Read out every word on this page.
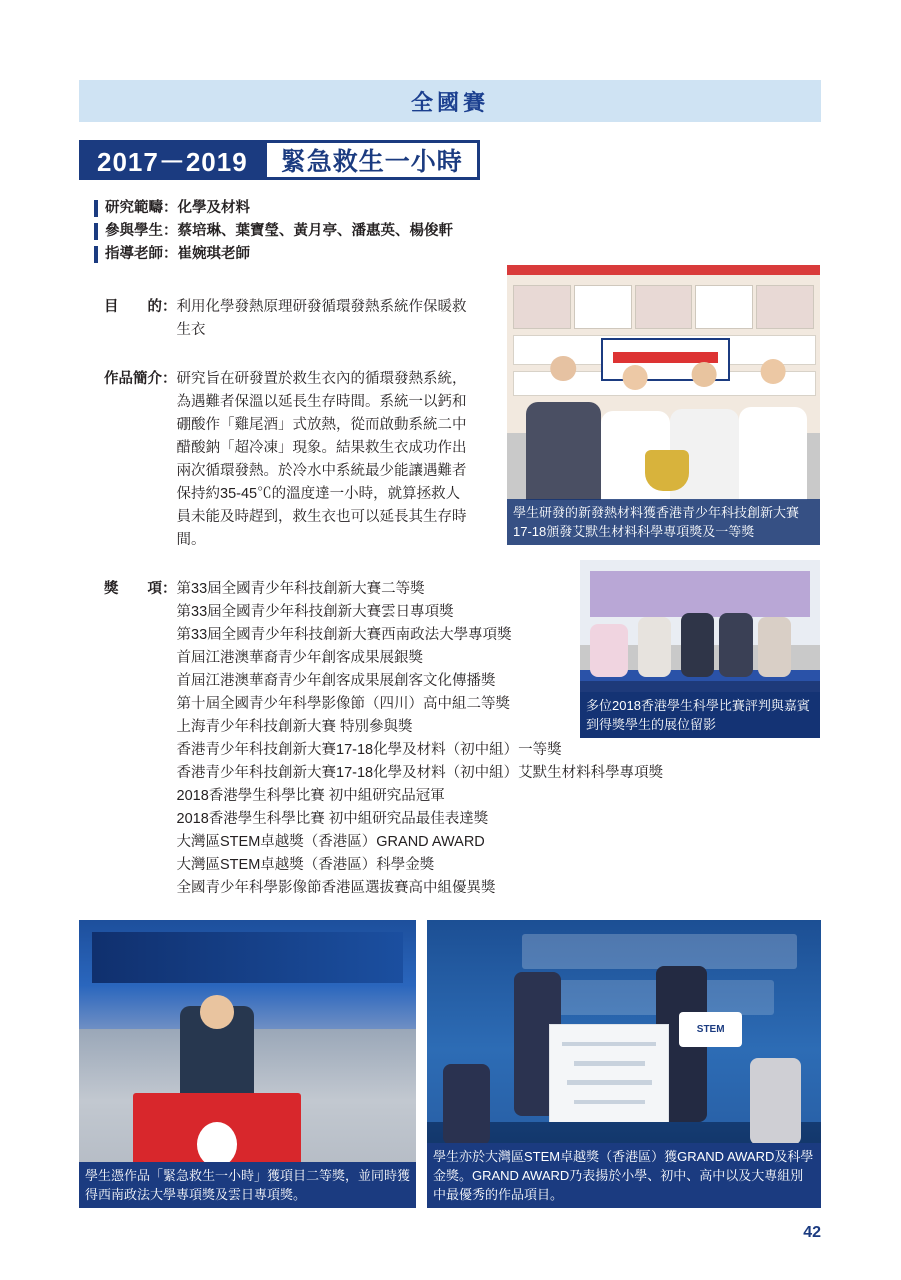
全國賽
2017－2019	緊急救生一小時
研究範疇：化學及材料
參與學生：蔡培琳、葉寶瑩、黃月亭、潘惠英、楊俊軒
指導老師：崔婉琪老師
目　　的： 利用化學發熱原理研發循環發熱系統作保暖救生衣
作品簡介： 研究旨在研發置於救生衣內的循環發熱系統，為遇難者保溫以延長生存時間。系統一以鈣和硼酸作「雞尾酒」式放熱，從而啟動系統二中醋酸鈉「超冷凍」現象。結果救生衣成功作出兩次循環發熱。於冷水中系統最少能讓遇難者保持約35-45℃的溫度達一小時，就算拯救人員未能及時趕到，救生衣也可以延長其生存時間。
獎　　項： 第33屆全國青少年科技創新大賽二等獎
第33屆全國青少年科技創新大賽雲日專項獎
第33屆全國青少年科技創新大賽西南政法大學專項獎
首屆江港澳華裔青少年創客成果展銀獎
首屆江港澳華裔青少年創客成果展創客文化傳播獎
第十屆全國青少年科學影像節（四川）高中組二等獎
上海青少年科技創新大賽 特別參與獎
香港青少年科技創新大賽17-18化學及材料（初中組）一等獎
香港青少年科技創新大賽17-18化學及材料（初中組）艾默生材料科學專項獎
2018香港學生科學比賽 初中組研究品冠軍
2018香港學生科學比賽 初中組研究品最佳表達獎
大灣區STEM卓越獎（香港區）GRAND AWARD
大灣區STEM卓越獎（香港區）科學金獎
全國青少年科學影像節香港區選拔賽高中組優異獎
學生研發的新發熱材料獲香港青少年科技創新大賽17-18頒發艾默生材料科學專項獎及一等獎
多位2018香港學生科學比賽評判與嘉賓到得獎學生的展位留影
學生憑作品「緊急救生一小時」獲項目二等獎，並同時獲得西南政法大學專項獎及雲日專項獎。
STEM
學生亦於大灣區STEM卓越獎（香港區）獲GRAND AWARD及科學金獎。GRAND AWARD乃表揚於小學、初中、高中以及大專組別中最優秀的作品項目。
42
